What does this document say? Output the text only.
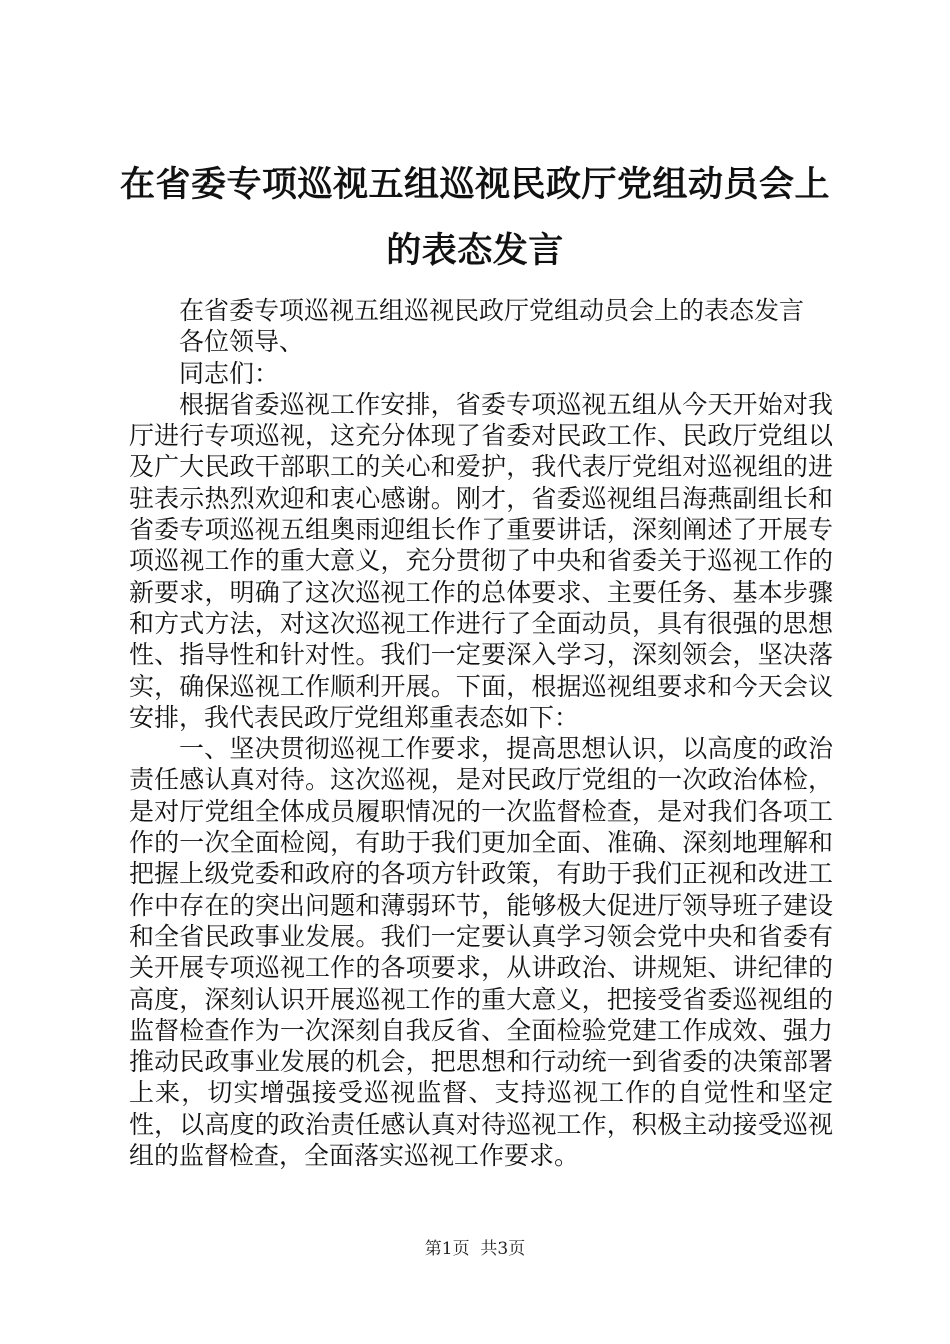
在省委专项巡视五组巡视民政厅党组动员会上的表态发言

在省委专项巡视五组巡视民政厅党组动员会上的表态发言

各位领导、

同志们：

根据省委巡视工作安排，省委专项巡视五组从今天开始对我厅进行专项巡视，这充分体现了省委对民政工作、民政厅党组以及广大民政干部职工的关心和爱护，我代表厅党组对巡视组的进驻表示热烈欢迎和衷心感谢。刚才，省委巡视组吕海燕副组长和省委专项巡视五组奥雨迎组长作了重要讲话，深刻阐述了开展专项巡视工作的重大意义，充分贯彻了中央和省委关于巡视工作的新要求，明确了这次巡视工作的总体要求、主要任务、基本步骤和方式方法，对这次巡视工作进行了全面动员，具有很强的思想性、指导性和针对性。我们一定要深入学习，深刻领会，坚决落实，确保巡视工作顺利开展。下面，根据巡视组要求和今天会议安排，我代表民政厅党组郑重表态如下：

一、坚决贯彻巡视工作要求，提高思想认识，以高度的政治责任感认真对待。这次巡视，是对民政厅党组的一次政治体检，是对厅党组全体成员履职情况的一次监督检查，是对我们各项工作的一次全面检阅，有助于我们更加全面、准确、深刻地理解和把握上级党委和政府的各项方针政策，有助于我们正视和改进工作中存在的突出问题和薄弱环节，能够极大促进厅领导班子建设和全省民政事业发展。我们一定要认真学习领会党中央和省委有关开展专项巡视工作的各项要求，从讲政治、讲规矩、讲纪律的高度，深刻认识开展巡视工作的重大意义，把接受省委巡视组的监督检查作为一次深刻自我反省、全面检验党建工作成效、强力推动民政事业发展的机会，把思想和行动统一到省委的决策部署上来，切实增强接受巡视监督、支持巡视工作的自觉性和坚定性，以高度的政治责任感认真对待巡视工作，积极主动接受巡视组的监督检查，全面落实巡视工作要求。

第1页 共3页
